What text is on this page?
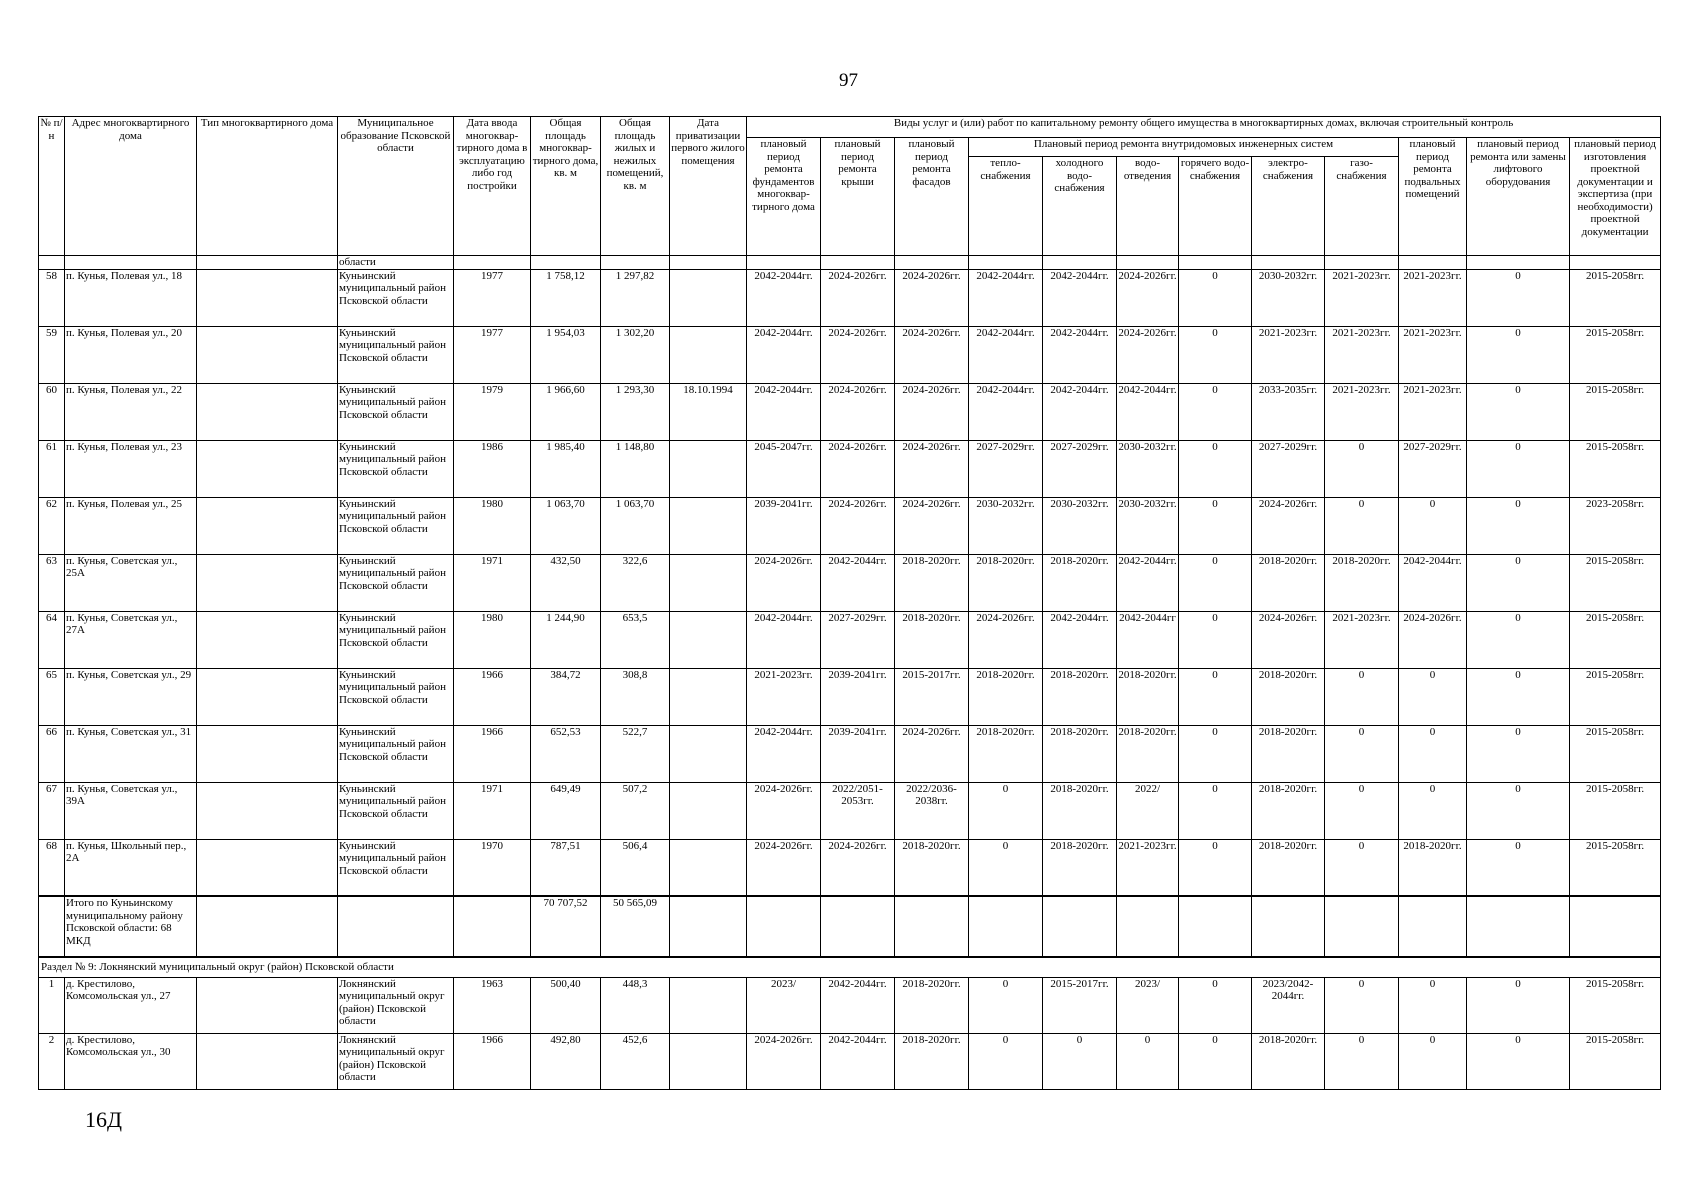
97
№ п/н	Адрес многоквартирного дома	Тип многоквартирного дома	Муниципальное образование Псковской области	Дата ввода многоквар-тирного дома в эксплуатацию либо год постройки	Общая площадь многоквар-тирного дома, кв. м	Общая площадь жилых и нежилых помещений, кв. м	Дата приватизации первого жилого помещения	Виды услуг и (или) работ по капитальному ремонту общего имущества в многоквартирных домах, включая строительный контроль											
								плановый период ремонта фундаментов многоквар-тирного дома	плановый период ремонта крыши	плановый период ремонта фасадов	Плановый период ремонта внутридомовых инженерных систем						плановый период ремонта подвальных помещений	плановый период ремонта или замены лифтового оборудования	плановый период изготовления проектной документации и экспертиза (при необходимости) проектной документации
											тепло-снабжения	холодного водо-снабжения	водо-отведения	горячего водо-снабжения	электро-снабжения	газо-снабжения			
			области																
58	п. Кунья, Полевая ул., 18		Куньинский муниципальный район Псковской области	1977	1 758,12	1 297,82		2042-2044гг.	2024-2026гг.	2024-2026гг.	2042-2044гг.	2042-2044гг.	2024-2026гг.	0	2030-2032гг.	2021-2023гг.	2021-2023гг.	0	2015-2058гг.
59	п. Кунья, Полевая ул., 20		Куньинский муниципальный район Псковской области	1977	1 954,03	1 302,20		2042-2044гг.	2024-2026гг.	2024-2026гг.	2042-2044гг.	2042-2044гг.	2024-2026гг.	0	2021-2023гг.	2021-2023гг.	2021-2023гг.	0	2015-2058гг.
60	п. Кунья, Полевая ул., 22		Куньинский муниципальный район Псковской области	1979	1 966,60	1 293,30	18.10.1994	2042-2044гг.	2024-2026гг.	2024-2026гг.	2042-2044гг.	2042-2044гг.	2042-2044гг.	0	2033-2035гг.	2021-2023гг.	2021-2023гг.	0	2015-2058гг.
61	п. Кунья, Полевая ул., 23		Куньинский муниципальный район Псковской области	1986	1 985,40	1 148,80		2045-2047гг.	2024-2026гг.	2024-2026гг.	2027-2029гг.	2027-2029гг.	2030-2032гг.	0	2027-2029гг.	0	2027-2029гг.	0	2015-2058гг.
62	п. Кунья, Полевая ул., 25		Куньинский муниципальный район Псковской области	1980	1 063,70	1 063,70		2039-2041гг.	2024-2026гг.	2024-2026гг.	2030-2032гг.	2030-2032гг.	2030-2032гг.	0	2024-2026гг.	0	0	0	2023-2058гг.
63	п. Кунья, Советская ул., 25А		Куньинский муниципальный район Псковской области	1971	432,50	322,6		2024-2026гг.	2042-2044гг.	2018-2020гг.	2018-2020гг.	2018-2020гг.	2042-2044гг.	0	2018-2020гг.	2018-2020гг.	2042-2044гг.	0	2015-2058гг.
64	п. Кунья, Советская ул., 27А		Куньинский муниципальный район Псковской области	1980	1 244,90	653,5		2042-2044гг.	2027-2029гг.	2018-2020гг.	2024-2026гг.	2042-2044гг.	2042-2044гг	0	2024-2026гг.	2021-2023гг.	2024-2026гг.	0	2015-2058гг.
65	п. Кунья, Советская ул., 29		Куньинский муниципальный район Псковской области	1966	384,72	308,8		2021-2023гг.	2039-2041гг.	2015-2017гг.	2018-2020гг.	2018-2020гг.	2018-2020гг.	0	2018-2020гг.	0	0	0	2015-2058гг.
66	п. Кунья, Советская ул., 31		Куньинский муниципальный район Псковской области	1966	652,53	522,7		2042-2044гг.	2039-2041гг.	2024-2026гг.	2018-2020гг.	2018-2020гг.	2018-2020гг.	0	2018-2020гг.	0	0	0	2015-2058гг.
67	п. Кунья, Советская ул., 39А		Куньинский муниципальный район Псковской области	1971	649,49	507,2		2024-2026гг.	2022/2051-2053гг.	2022/2036-2038гг.	0	2018-2020гг.	2022/	0	2018-2020гг.	0	0	0	2015-2058гг.
68	п. Кунья, Школьный пер., 2А		Куньинский муниципальный район Псковской области	1970	787,51	506,4		2024-2026гг.	2024-2026гг.	2018-2020гг.	0	2018-2020гг.	2021-2023гг.	0	2018-2020гг.	0	2018-2020гг.	0	2015-2058гг.
	Итого по Куньинскому муниципальному району Псковской области: 68 МКД				70 707,52	50 565,09													
Раздел № 9: Локнянский муниципальный округ (район) Псковской области																			
1	д. Крестилово, Комсомольская ул., 27		Локнянский муниципальный округ (район) Псковской области	1963	500,40	448,3		2023/	2042-2044гг.	2018-2020гг.	0	2015-2017гг.	2023/	0	2023/2042-2044гг.	0	0	0	2015-2058гг.
2	д. Крестилово, Комсомольская ул., 30		Локнянский муниципальный округ (район) Псковской области	1966	492,80	452,6		2024-2026гг.	2042-2044гг.	2018-2020гг.	0	0	0	0	2018-2020гг.	0	0	0	2015-2058гг.
16Д
